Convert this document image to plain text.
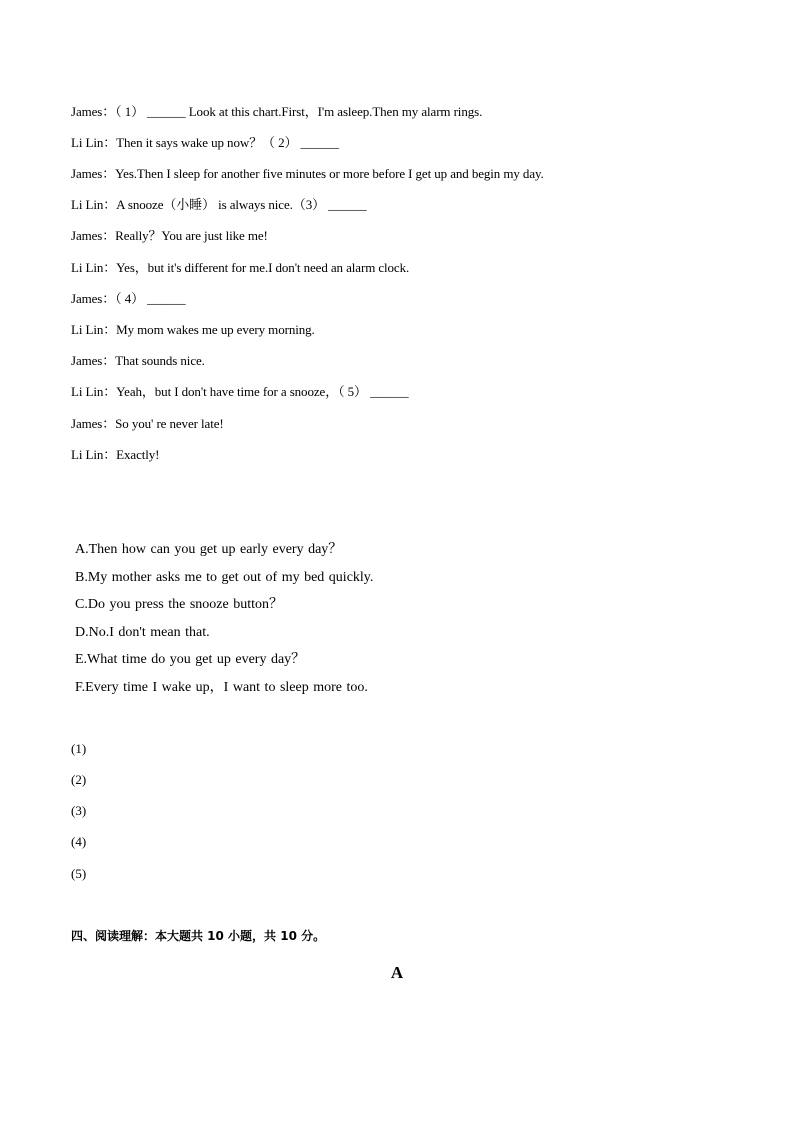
James：（ 1） ______ Look at this chart.First，I'm asleep.Then my alarm rings.
Li Lin：Then it says wake up now？（ 2） ______
James：Yes.Then I sleep for another five minutes or more before I get up and begin my day.
Li Lin：A snooze（小睡） is always nice.（3） ______
James：Really？You are just like me!
Li Lin：Yes，but it's different for me.I don't need an alarm clock.
James：（ 4） ______
Li Lin：My mom wakes me up every morning.
James：That sounds nice.
Li Lin：Yeah，but I don't have time for a snooze，（ 5） ______
James：So you' re never late!
Li Lin：Exactly!
A.Then how can you get up early every day？
B.My mother asks me to get out of my bed quickly.
C.Do you press the snooze button？
D.No.I don't mean that.
E.What time do you get up every day？
F.Every time I wake up，I want to sleep more too.
(1)
(2)
(3)
(4)
(5)
四、阅读理解：本大题共 10 小题，共 10 分。
A
